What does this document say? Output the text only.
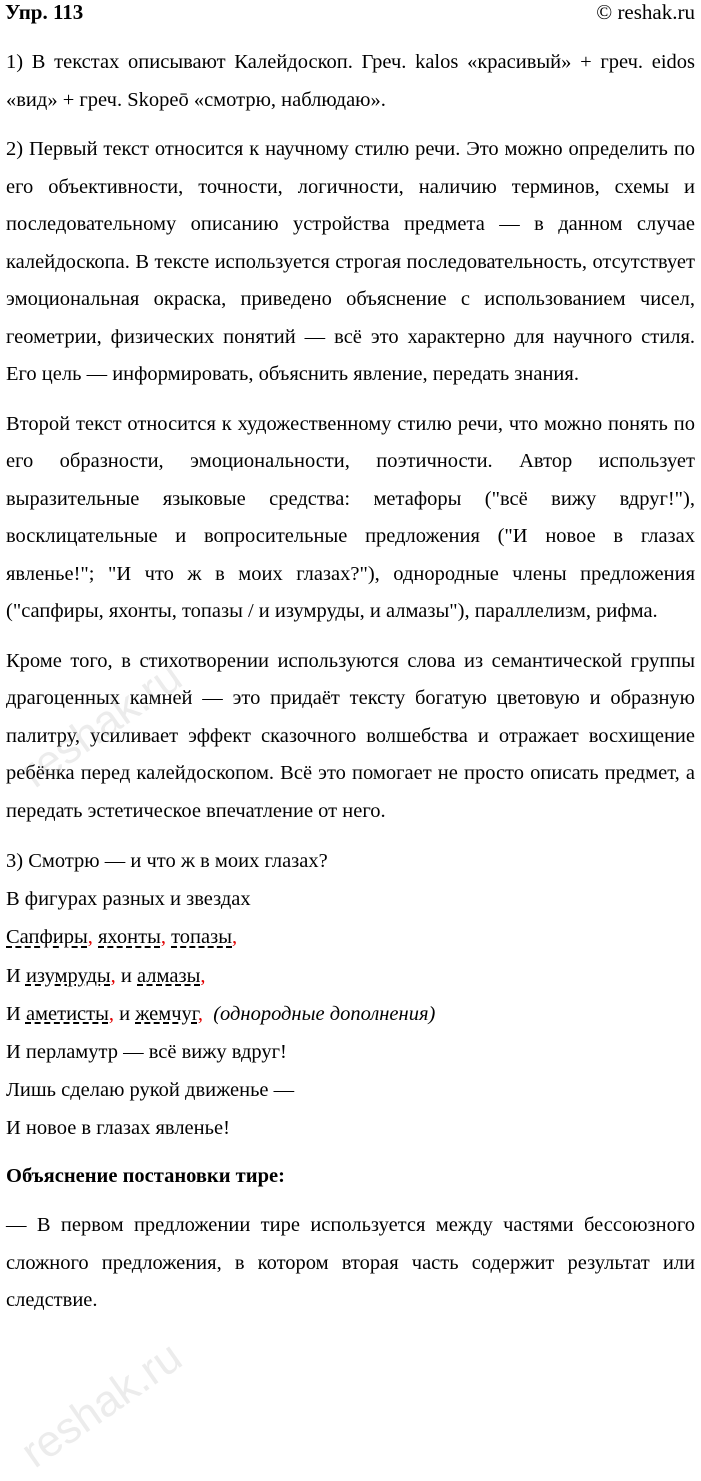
Упр. 113	© reshak.ru

1) В текстах описывают Калейдоскоп. Греч. kalos «красивый» + греч. eidos «вид» + греч. Skopeō «смотрю, наблюдаю».

2) Первый текст относится к научному стилю речи. Это можно определить по его объективности, точности, логичности, наличию терминов, схемы и последовательному описанию устройства предмета — в данном случае калейдоскопа. В тексте используется строгая последовательность, отсутствует эмоциональная окраска, приведено объяснение с использованием чисел, геометрии, физических понятий — всё это характерно для научного стиля. Его цель — информировать, объяснить явление, передать знания.

Второй текст относится к художественному стилю речи, что можно понять по его образности, эмоциональности, поэтичности. Автор использует выразительные языковые средства: метафоры ("всё вижу вдруг!"), восклицательные и вопросительные предложения ("И новое в глазах явленье!"; "И что ж в моих глазах?"), однородные члены предложения ("сапфиры, яхонты, топазы / и изумруды, и алмазы"), параллелизм, рифма.

Кроме того, в стихотворении используются слова из семантической группы драгоценных камней — это придаёт тексту богатую цветовую и образную палитру, усиливает эффект сказочного волшебства и отражает восхищение ребёнка перед калейдоскопом. Всё это помогает не просто описать предмет, а передать эстетическое впечатление от него.

3) Смотрю — и что ж в моих глазах?
В фигурах разных и звездах
Сапфиры, яхонты, топазы,
И изумруды, и алмазы,
И аметисты, и жемчуг, (однородные дополнения)
И перламутр — всё вижу вдруг!
Лишь сделаю рукой движенье —
И новое в глазах явленье!

Объяснение постановки тире:

— В первом предложении тире используется между частями бессоюзного сложного предложения, в котором вторая часть содержит результат или следствие.

reshak.ru
reshak.ru
